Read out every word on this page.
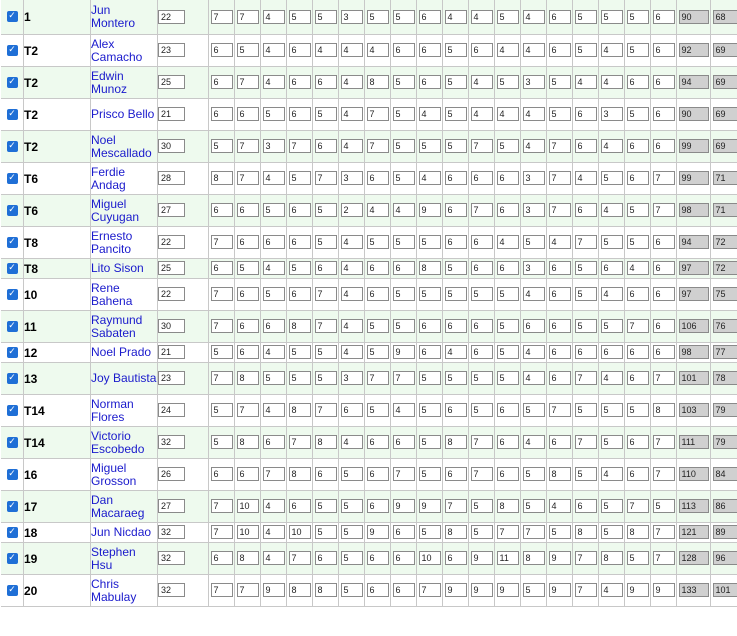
✓	1	Jun Montero	22	7	7	4	5	5	3	5	5	6	4	4	5	4	6	5	5	5	6	90	68
✓	T2	Alex Camacho	23	6	5	4	6	4	4	4	6	6	5	6	4	4	6	5	4	5	6	92	69
✓	T2	Edwin Munoz	25	6	7	4	6	6	4	8	5	6	5	4	5	3	5	4	4	6	6	94	69
✓	T2	Prisco Bello	21	6	6	5	6	5	4	7	5	4	5	4	4	4	5	6	3	5	6	90	69
✓	T2	Noel Mescallado	30	5	7	3	7	6	4	7	5	5	5	7	5	4	7	6	4	6	6	99	69
✓	T6	Ferdie Andag	28	8	7	4	5	7	3	6	5	4	6	6	6	3	7	4	5	6	7	99	71
✓	T6	Miguel Cuyugan	27	6	6	5	6	5	2	4	4	9	6	7	6	3	7	6	4	5	7	98	71
✓	T8	Ernesto Pancito	22	7	6	6	6	5	4	5	5	5	6	6	4	5	4	7	5	5	6	94	72
✓	T8	Lito Sison	25	6	5	4	5	6	4	6	6	8	5	6	6	3	6	5	6	4	6	97	72
✓	10	Rene Bahena	22	7	6	5	6	7	4	6	5	5	5	5	5	4	6	5	4	6	6	97	75
✓	11	Raymund Sabaten	30	7	6	6	8	7	4	5	5	6	6	6	5	6	6	5	5	7	6	106	76
✓	12	Noel Prado	21	5	6	4	5	5	4	5	9	6	4	6	5	4	6	6	6	6	6	98	77
✓	13	Joy Bautista	23	7	8	5	5	5	3	7	7	5	5	5	5	4	6	7	4	6	7	101	78
✓	T14	Norman Flores	24	5	7	4	8	7	6	5	4	5	6	5	6	5	7	5	5	5	8	103	79
✓	T14	Victorio Escobedo	32	5	8	6	7	8	4	6	6	5	8	7	6	4	6	7	5	6	7	111	79
✓	16	Miguel Grosson	26	6	6	7	8	6	5	6	7	5	6	7	6	5	8	5	4	6	7	110	84
✓	17	Dan Macaraeg	27	7	10	4	6	5	5	6	9	9	7	5	8	5	4	6	5	7	5	113	86
✓	18	Jun Nicdao	32	7	10	4	10	5	5	9	6	5	8	5	7	7	5	8	5	8	7	121	89
✓	19	Stephen Hsu	32	6	8	4	7	6	5	6	6	10	6	9	11	8	9	7	8	5	7	128	96
✓	20	Chris Mabulay	32	7	7	9	8	8	5	6	6	7	9	9	9	5	9	7	4	9	9	133	101
